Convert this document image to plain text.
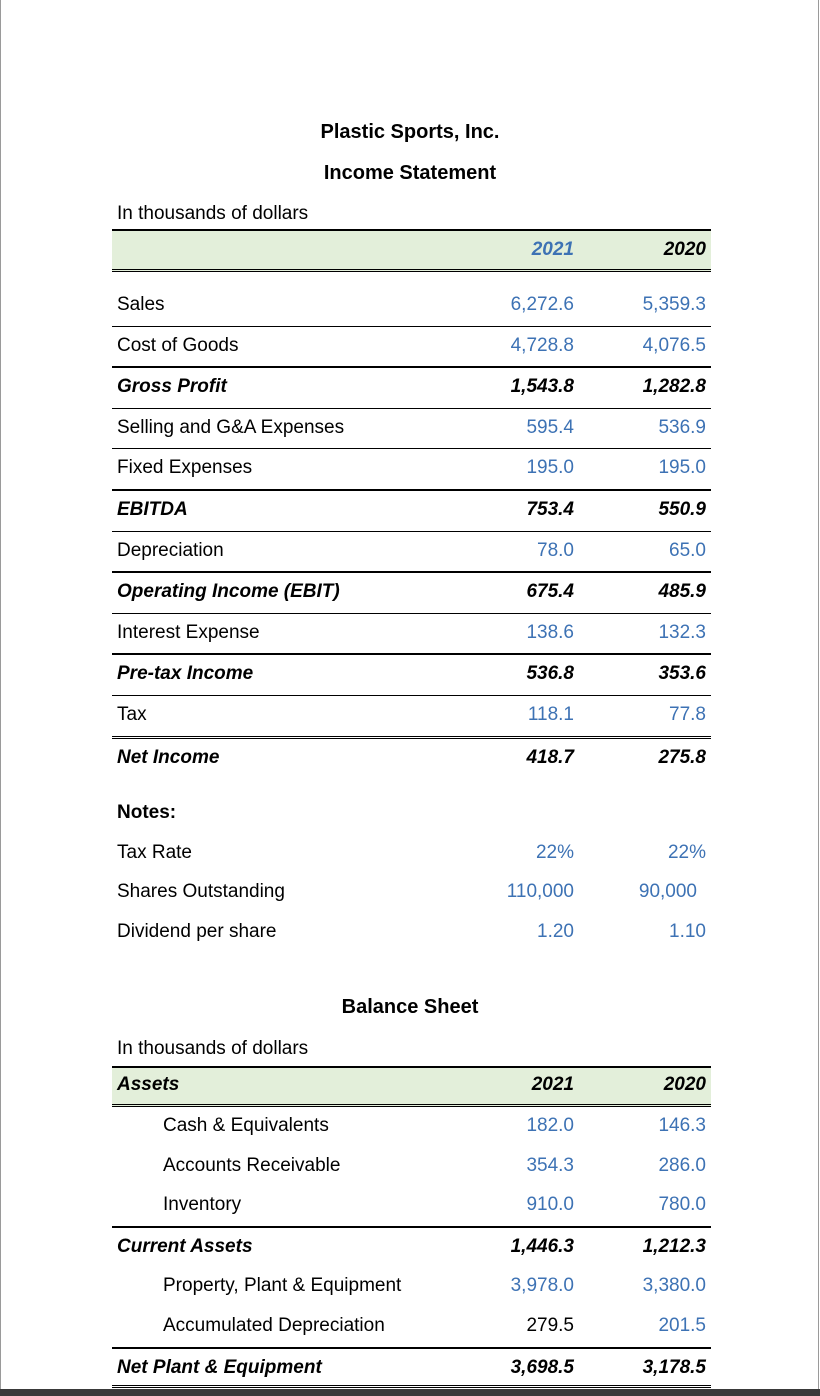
Plastic Sports, Inc.
Income Statement
In thousands of dollars
2021	2020
Sales	6,272.6	5,359.3
Cost of Goods	4,728.8	4,076.5
Gross Profit	1,543.8	1,282.8
Selling and G&A Expenses	595.4	536.9
Fixed Expenses	195.0	195.0
EBITDA	753.4	550.9
Depreciation	78.0	65.0
Operating Income (EBIT)	675.4	485.9
Interest Expense	138.6	132.3
Pre-tax Income	536.8	353.6
Tax	118.1	77.8
Net Income	418.7	275.8
Notes:
Tax Rate	22%	22%
Shares Outstanding	110,000	90,000
Dividend per share	1.20	1.10
Balance Sheet
In thousands of dollars
Assets	2021	2020
Cash & Equivalents	182.0	146.3
Accounts Receivable	354.3	286.0
Inventory	910.0	780.0
Current Assets	1,446.3	1,212.3
Property, Plant & Equipment	3,978.0	3,380.0
Accumulated Depreciation	279.5	201.5
Net Plant & Equipment	3,698.5	3,178.5
